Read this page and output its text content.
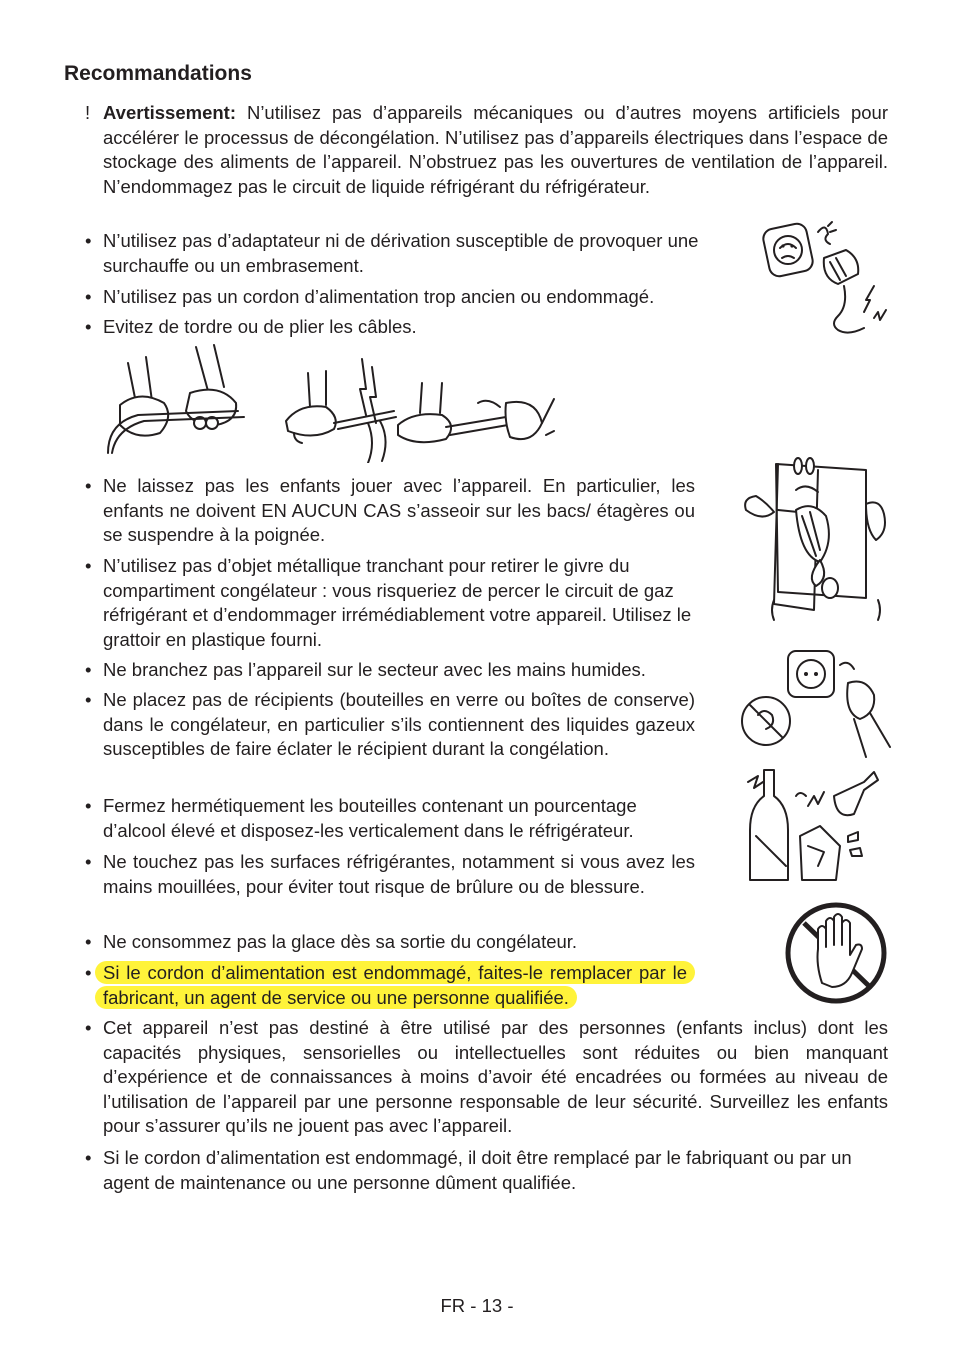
Recommandations
! Avertissement: N’utilisez pas d’appareils mécaniques ou d’autres moyens artificiels pour accélérer le processus de décongélation. N’utilisez pas d’appareils électriques dans l’espace de stockage des aliments de l’appareil. N’obstruez pas les ouvertures de ventilation de l’appareil. N’endommagez pas le circuit de liquide réfrigérant du réfrigérateur.
• N’utilisez pas d’adaptateur ni de dérivation susceptible de provoquer une surchauffe ou un embrasement.
• N’utilisez pas un cordon d’alimentation trop ancien ou endommagé.
• Evitez de tordre ou de plier les câbles.
• Ne laissez pas les enfants jouer avec l’appareil. En particulier, les enfants ne doivent EN AUCUN CAS s’asseoir sur les bacs/ étagères ou se suspendre à la poignée.
• N’utilisez pas d’objet métallique tranchant pour retirer le givre du compartiment congélateur : vous risqueriez de percer le circuit de gaz réfrigérant et d’endommager irrémédiablement votre appareil. Utilisez le grattoir en plastique fourni.
• Ne branchez pas l’appareil sur le secteur avec les mains humides.
• Ne placez pas de récipients (bouteilles en verre ou boîtes de conserve) dans le congélateur, en particulier s’ils contiennent des liquides gazeux susceptibles de faire éclater le récipient durant la congélation.
• Fermez hermétiquement les bouteilles contenant un pourcentage d’alcool élevé et disposez-les verticalement dans le réfrigérateur.
• Ne touchez pas les surfaces réfrigérantes, notamment si vous avez les mains mouillées, pour éviter tout risque de brûlure ou de blessure.
• Ne consommez pas la glace dès sa sortie du congélateur.
• Si le cordon d’alimentation est endommagé, faites-le remplacer par le fabricant, un agent de service ou une personne qualifiée.
• Cet appareil n’est pas destiné à être utilisé par des personnes (enfants inclus) dont les capacités physiques, sensorielles ou intellectuelles sont réduites ou bien manquant d’expérience et de connaissances à moins d’avoir été encadrées ou formées au niveau de l’utilisation de l’appareil par une personne responsable de leur sécurité. Surveillez les enfants pour s’assurer qu’ils ne jouent pas avec l’appareil.
• Si le cordon d’alimentation est endommagé, il doit être remplacé par le fabriquant ou par un agent de maintenance ou une personne dûment qualifiée.
FR - 13 -
